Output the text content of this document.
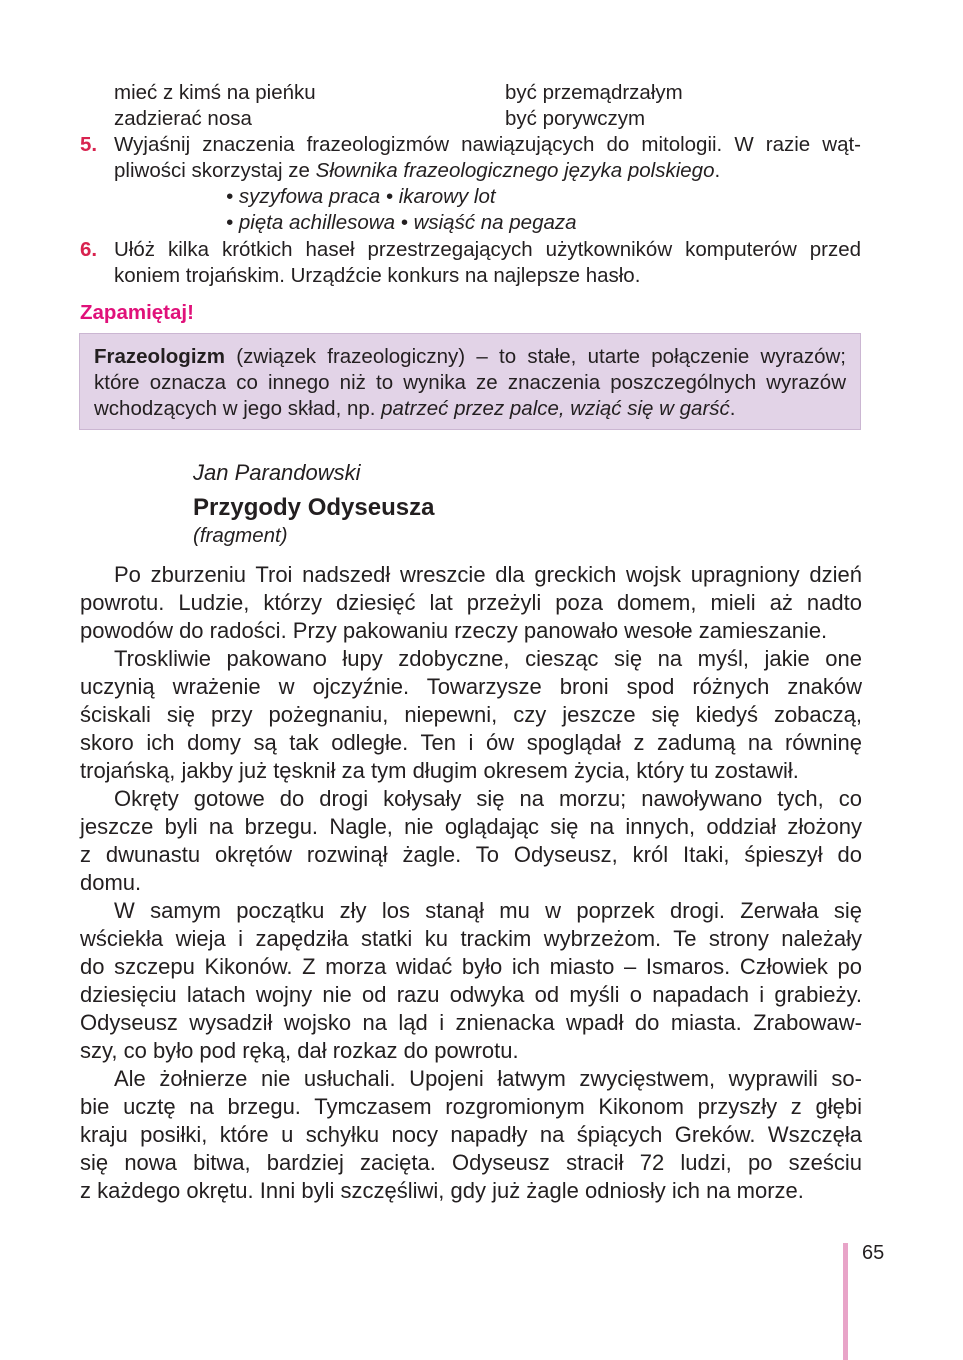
mieć z kimś na pieńku	być przemądrzałym
zadzierać nosa	być porywczym
5. Wyjaśnij znaczenia frazeologizmów nawiązujących do mitologii. W razie wąt-
pliwości skorzystaj ze Słownika frazeologicznego języka polskiego.
• syzyfowa praca • ikarowy lot
• pięta achillesowa • wsiąść na pegaza
6. Ułóż kilka krótkich haseł przestrzegających użytkowników komputerów przed
koniem trojańskim. Urządźcie konkurs na najlepsze hasło.
Zapamiętaj!
Frazeologizm (związek frazeologiczny) – to stałe, utarte połączenie wyrazów;
które oznacza co innego niż to wynika ze znaczenia poszczególnych wyrazów
wchodzących w jego skład, np. patrzeć przez palce, wziąć się w garść.
Jan Parandowski
Przygody Odyseusza
(fragment)
Po zburzeniu Troi nadszedł wreszcie dla greckich wojsk upragniony dzień
powrotu. Ludzie, którzy dziesięć lat przeżyli poza domem, mieli aż nadto
powodów do radości. Przy pakowaniu rzeczy panowało wesołe zamieszanie.
Troskliwie pakowano łupy zdobyczne, ciesząc się na myśl, jakie one
uczynią wrażenie w ojczyźnie. Towarzysze broni spod różnych znaków
ściskali się przy pożegnaniu, niepewni, czy jeszcze się kiedyś zobaczą,
skoro ich domy są tak odległe. Ten i ów spoglądał z zadumą na równinę
trojańską, jakby już tęsknił za tym długim okresem życia, który tu zostawił.
Okręty gotowe do drogi kołysały się na morzu; nawoływano tych, co
jeszcze byli na brzegu. Nagle, nie oglądając się na innych, oddział złożony
z dwunastu okrętów rozwinął żagle. To Odyseusz, król Itaki, śpieszył do
domu.
W samym początku zły los stanął mu w poprzek drogi. Zerwała się
wściekła wieja i zapędziła statki ku trackim wybrzeżom. Te strony należały
do szczepu Kikonów. Z morza widać było ich miasto – Ismaros. Człowiek po
dziesięciu latach wojny nie od razu odwyka od myśli o napadach i grabieży.
Odyseusz wysadził wojsko na ląd i znienacka wpadł do miasta. Zrabowaw-
szy, co było pod ręką, dał rozkaz do powrotu.
Ale żołnierze nie usłuchali. Upojeni łatwym zwycięstwem, wyprawili so-
bie ucztę na brzegu. Tymczasem rozgromionym Kikonom przyszły z głębi
kraju posiłki, które u schyłku nocy napadły na śpiących Greków. Wszczęła
się nowa bitwa, bardziej zacięta. Odyseusz stracił 72 ludzi, po sześciu
z każdego okrętu. Inni byli szczęśliwi, gdy już żagle odniosły ich na morze.
65
